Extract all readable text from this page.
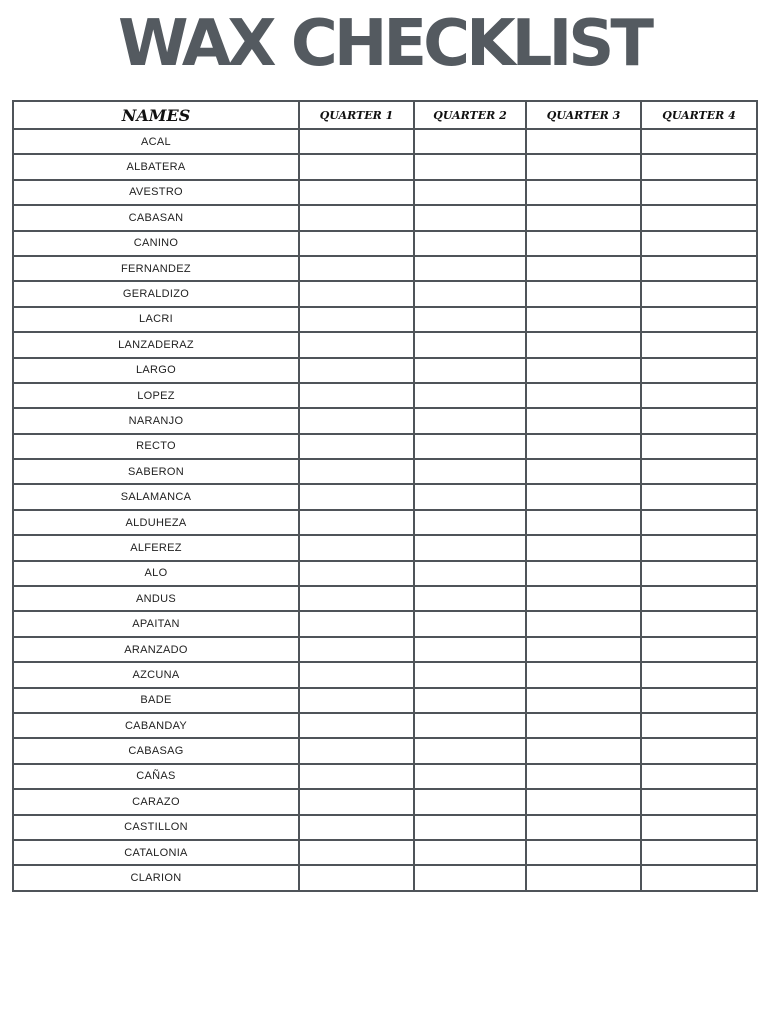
WAX CHECKLIST
NAMES	QUARTER 1	QUARTER 2	QUARTER 3	QUARTER 4
ACAL				
ALBATERA				
AVESTRO				
CABASAN				
CANINO				
FERNANDEZ				
GERALDIZO				
LACRI				
LANZADERAZ				
LARGO				
LOPEZ				
NARANJO				
RECTO				
SABERON				
SALAMANCA				
ALDUHEZA				
ALFEREZ				
ALO				
ANDUS				
APAITAN				
ARANZADO				
AZCUNA				
BADE				
CABANDAY				
CABASAG				
CAÑAS				
CARAZO				
CASTILLON				
CATALONIA				
CLARION				
